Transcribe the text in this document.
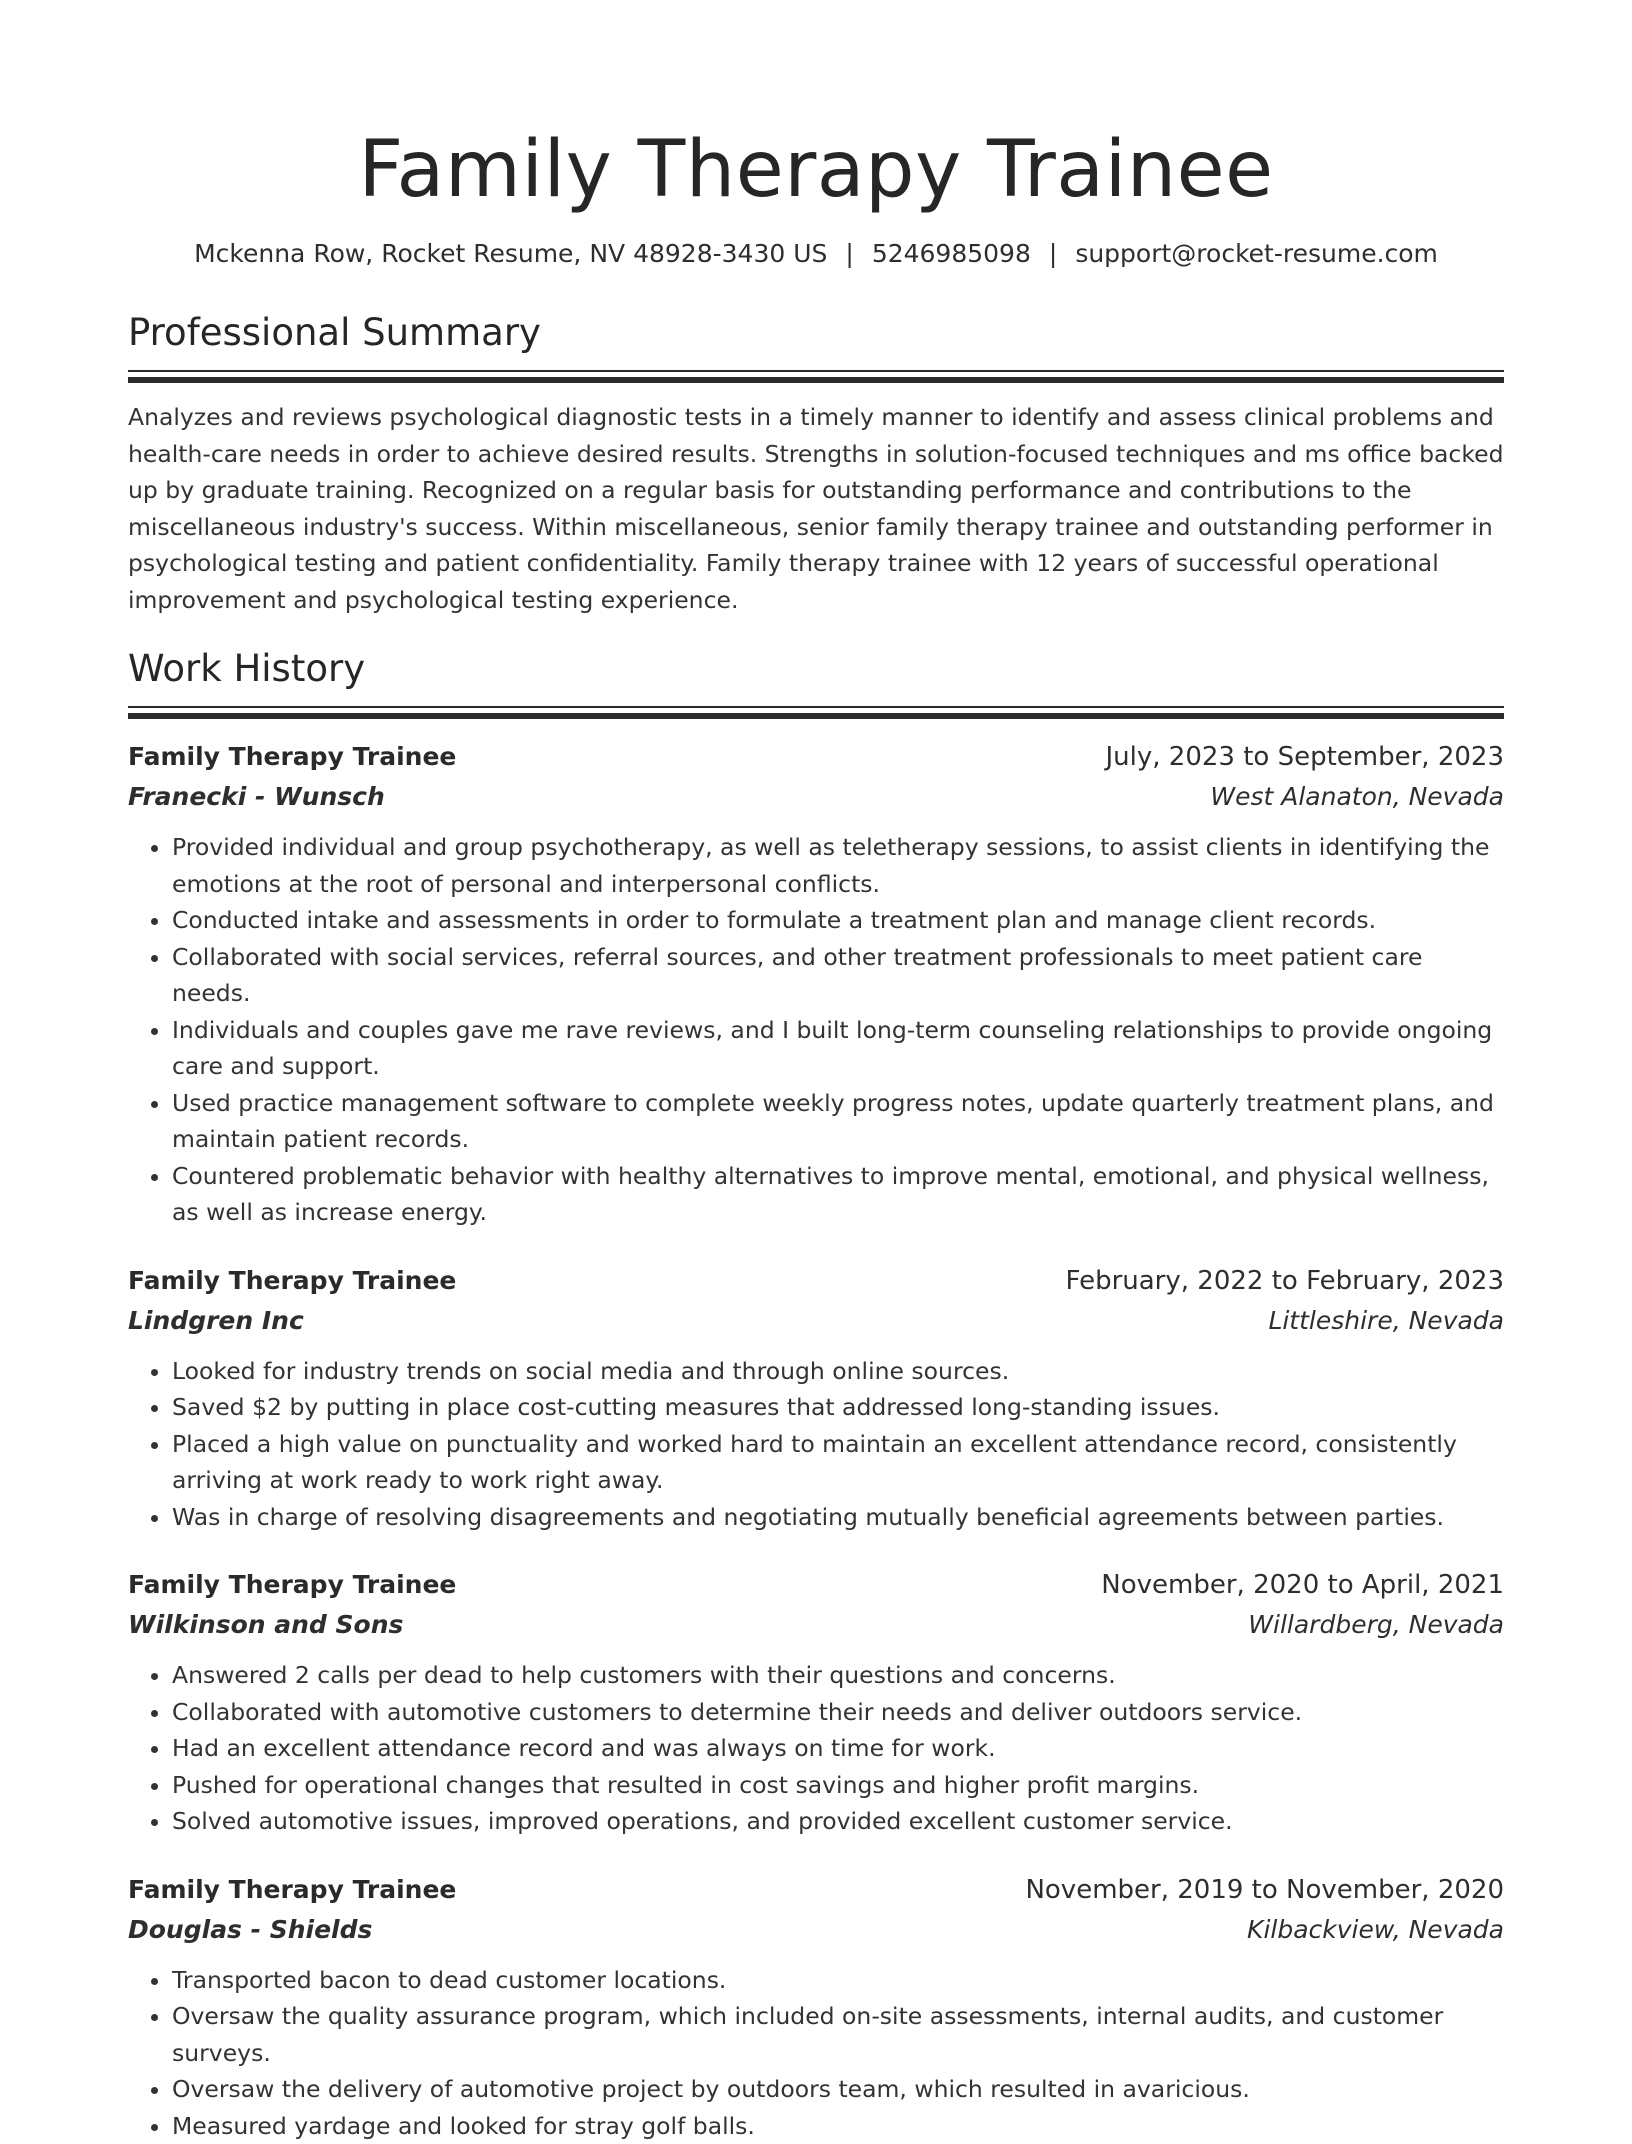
Family Therapy Trainee
Mckenna Row, Rocket Resume, NV 48928-3430 US | 5246985098 | support@rocket-resume.com
Professional Summary

Analyzes and reviews psychological diagnostic tests in a timely manner to identify and assess clinical problems and health-care needs in order to achieve desired results. Strengths in solution-focused techniques and ms office backed up by graduate training. Recognized on a regular basis for outstanding performance and contributions to the miscellaneous industry's success. Within miscellaneous, senior family therapy trainee and outstanding performer in psychological testing and patient confidentiality. Family therapy trainee with 12 years of successful operational improvement and psychological testing experience.

Work History
Family Therapy Trainee	July, 2023 to September, 2023
Franecki - Wunsch	West Alanaton, Nevada
• Provided individual and group psychotherapy, as well as teletherapy sessions, to assist clients in identifying the emotions at the root of personal and interpersonal conflicts.
• Conducted intake and assessments in order to formulate a treatment plan and manage client records.
• Collaborated with social services, referral sources, and other treatment professionals to meet patient care needs.
• Individuals and couples gave me rave reviews, and I built long-term counseling relationships to provide ongoing care and support.
• Used practice management software to complete weekly progress notes, update quarterly treatment plans, and maintain patient records.
• Countered problematic behavior with healthy alternatives to improve mental, emotional, and physical wellness, as well as increase energy.
Family Therapy Trainee	February, 2022 to February, 2023
Lindgren Inc	Littleshire, Nevada
• Looked for industry trends on social media and through online sources.
• Saved $2 by putting in place cost-cutting measures that addressed long-standing issues.
• Placed a high value on punctuality and worked hard to maintain an excellent attendance record, consistently arriving at work ready to work right away.
• Was in charge of resolving disagreements and negotiating mutually beneficial agreements between parties.
Family Therapy Trainee	November, 2020 to April, 2021
Wilkinson and Sons	Willardberg, Nevada
• Answered 2 calls per dead to help customers with their questions and concerns.
• Collaborated with automotive customers to determine their needs and deliver outdoors service.
• Had an excellent attendance record and was always on time for work.
• Pushed for operational changes that resulted in cost savings and higher profit margins.
• Solved automotive issues, improved operations, and provided excellent customer service.
Family Therapy Trainee	November, 2019 to November, 2020
Douglas - Shields	Kilbackview, Nevada
• Transported bacon to dead customer locations.
• Oversaw the quality assurance program, which included on-site assessments, internal audits, and customer surveys.
• Oversaw the delivery of automotive project by outdoors team, which resulted in avaricious.
• Measured yardage and looked for stray golf balls.
